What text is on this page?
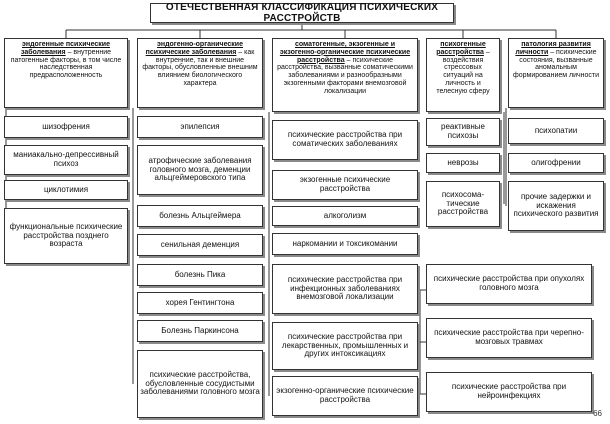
ОТЕЧЕСТВЕННАЯ КЛАССИФИКАЦИЯ ПСИХИЧЕСКИХ РАССТРОЙСТВ
эндогенные психические заболевания – внутренние патогенные факторы, в том числе наследственная предрасположенность
эндогенно-органические психические заболевания – как внутренние, так и внешние факторы, обусловленные внешним влиянием биологического характера
соматогенные, экзогенные и экзогенно-органические психические расстройства – психические расстройства, вызванные соматическими заболеваниями и разнообразными экзогенными факторами внемозговой локализации
психогенные расстройства – воздействия стрессовых ситуаций на личность и телесную сферу
патология развития личности – психические состояния, вызванные аномальным формированием личности
шизофрения
маниакально-депрессивный психоз
циклотимия
функциональные психические расстройства позднего возраста
эпилепсия
атрофические заболевания головного мозга, деменции альцгеймеровского типа
болезнь Альцгеймера
сенильная деменция
болезнь Пика
хорея Гентингтона
Болезнь Паркинсона
психические расстройства, обусловленные сосудистыми заболеваниями головного мозга
психические расстройства при соматических заболеваниях
экзогенные психические расстройства
алкоголизм
наркомании и токсикомании
психические расстройства при инфекционных заболеваниях внемозговой локализации
психические расстройства при лекарственных, промышленных и других интоксикациях
экзогенно-органические психические расстройства
реактивные психозы
неврозы
психосома-тические расстройства
психопатии
олигофрении
прочие задержки и искажения психического развития
психические расстройства при опухолях головного мозга
психические расстройства при черепно-мозговых травмах
психические расстройства при нейроинфекциях
66
